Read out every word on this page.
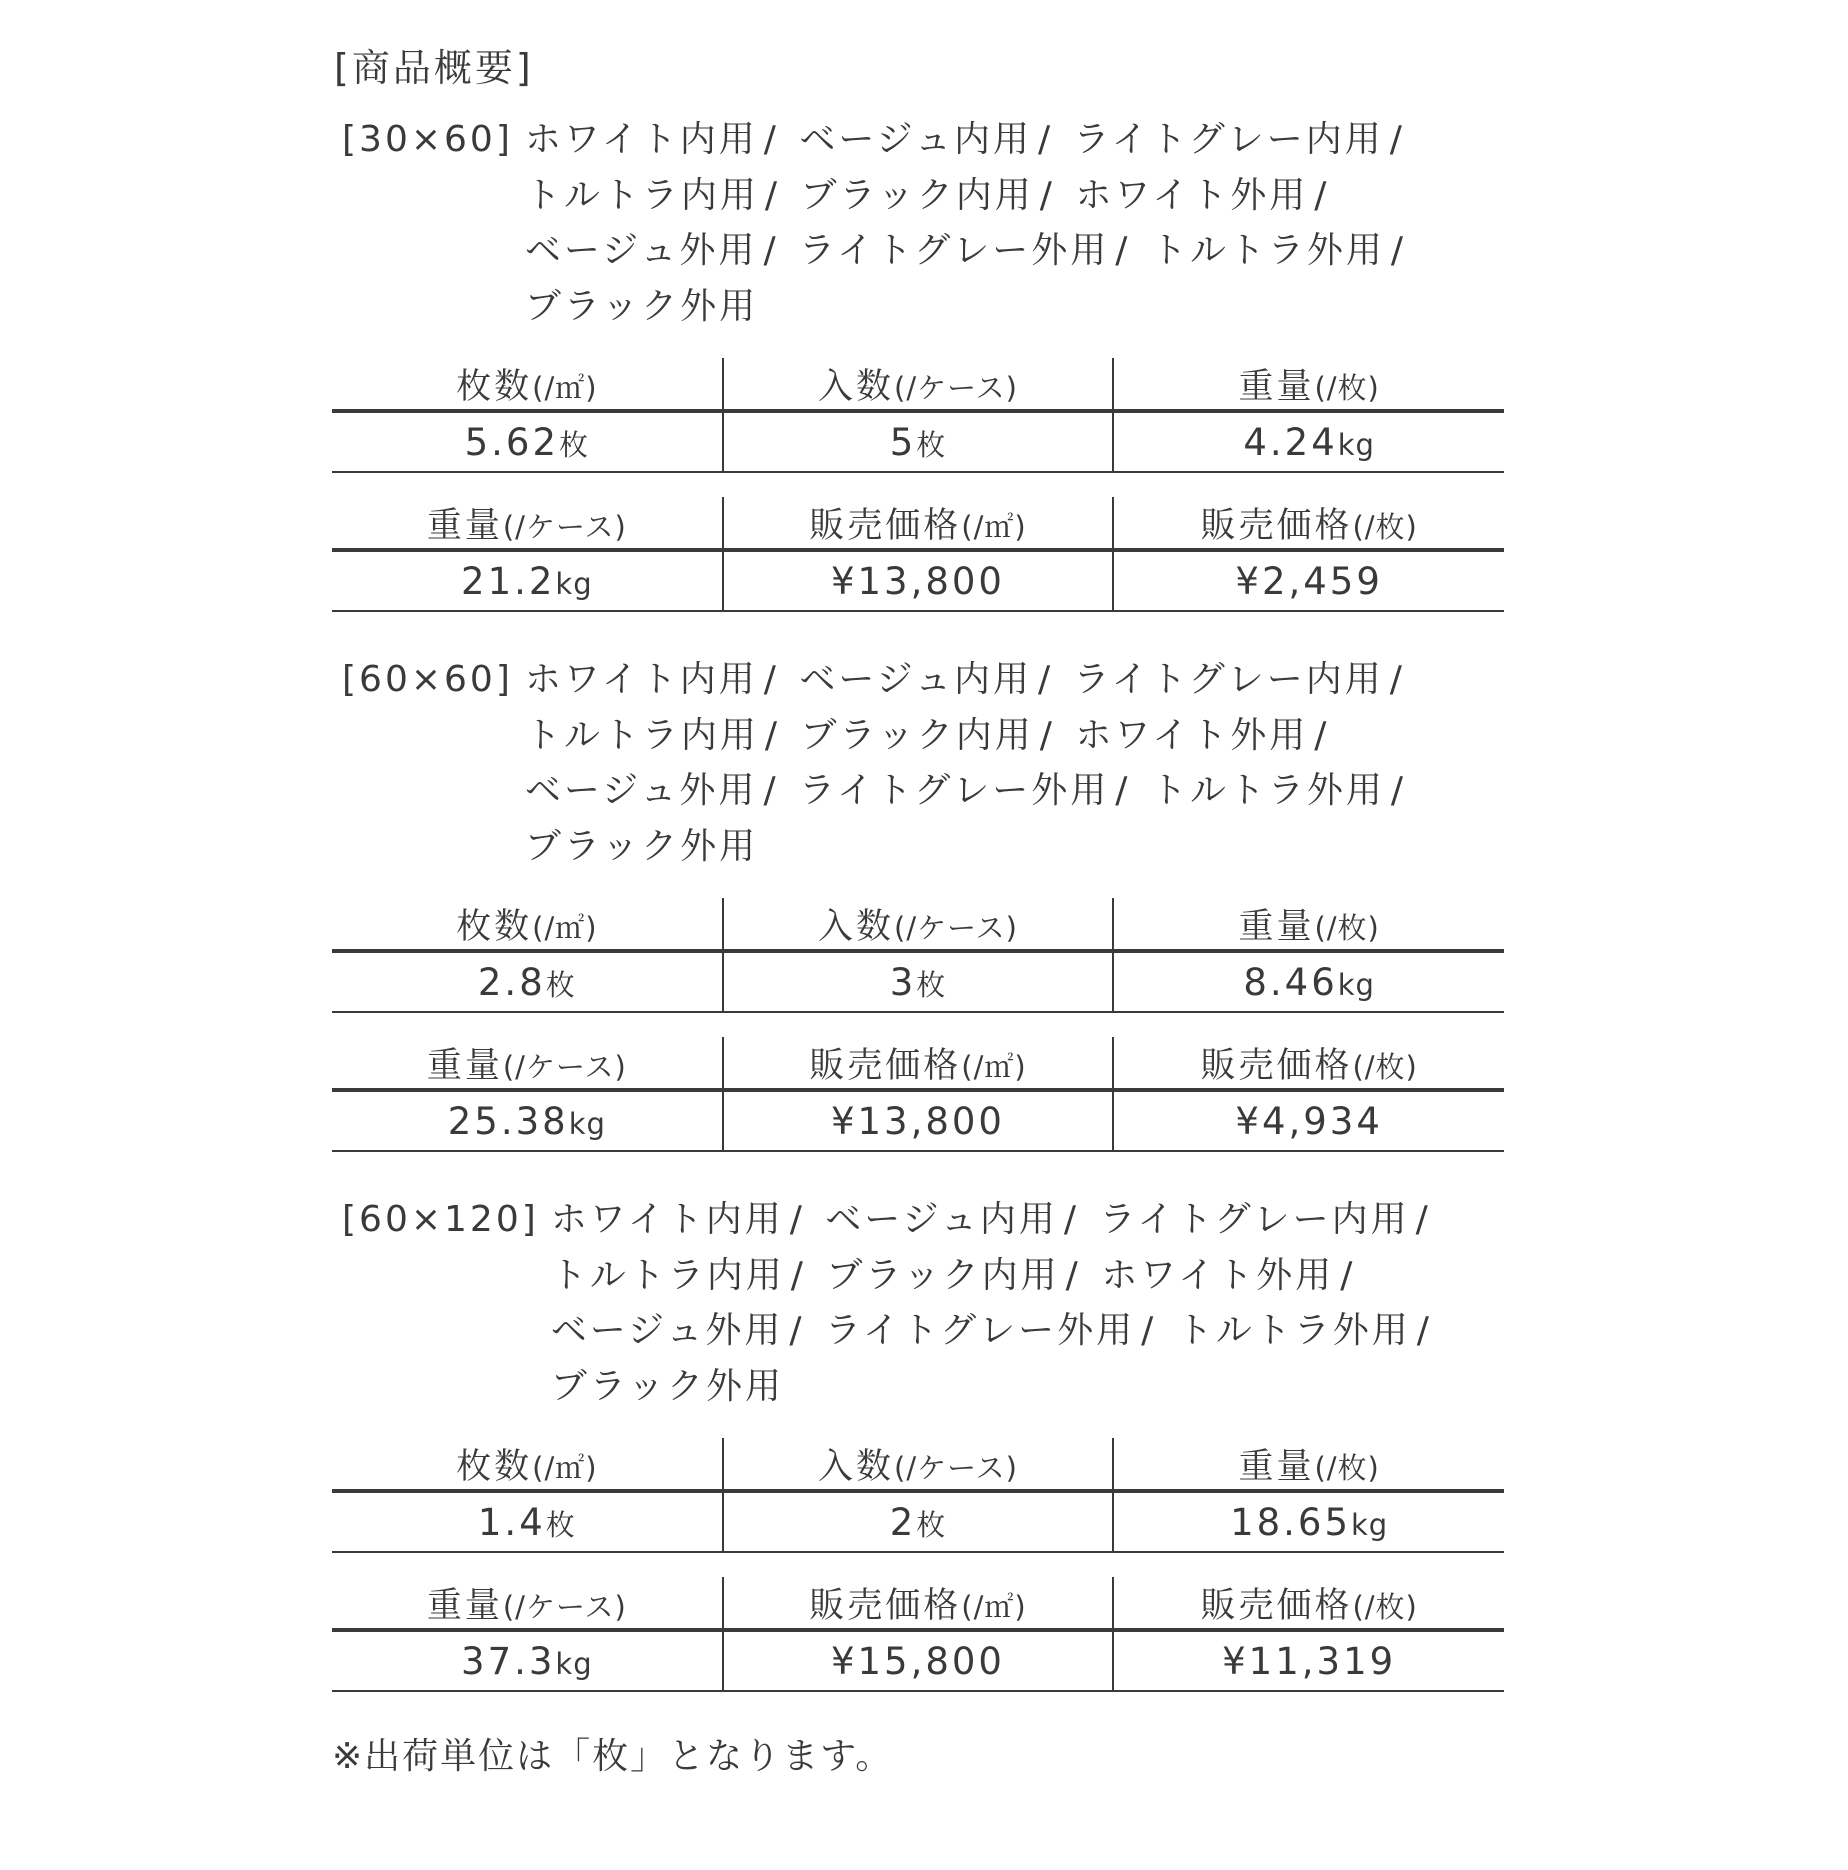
[商品概要]
[30×60] ホワイト内用 / ベージュ内用 / ライトグレー内用 / トルトラ内用 / ブラック内用 / ホワイト外用 / ベージュ外用 / ライトグレー外用 / トルトラ外用 / ブラック外用
枚数(/㎡)	入数(/ケース)	重量(/枚)
5.62枚	5枚	4.24kg
重量(/ケース)	販売価格(/㎡)	販売価格(/枚)
21.2kg	¥13,800	¥2,459
[60×60] ホワイト内用 / ベージュ内用 / ライトグレー内用 / トルトラ内用 / ブラック内用 / ホワイト外用 / ベージュ外用 / ライトグレー外用 / トルトラ外用 / ブラック外用
枚数(/㎡)	入数(/ケース)	重量(/枚)
2.8枚	3枚	8.46kg
重量(/ケース)	販売価格(/㎡)	販売価格(/枚)
25.38kg	¥13,800	¥4,934
[60×120] ホワイト内用 / ベージュ内用 / ライトグレー内用 / トルトラ内用 / ブラック内用 / ホワイト外用 / ベージュ外用 / ライトグレー外用 / トルトラ外用 / ブラック外用
枚数(/㎡)	入数(/ケース)	重量(/枚)
1.4枚	2枚	18.65kg
重量(/ケース)	販売価格(/㎡)	販売価格(/枚)
37.3kg	¥15,800	¥11,319
※出荷単位は「枚」となります。
